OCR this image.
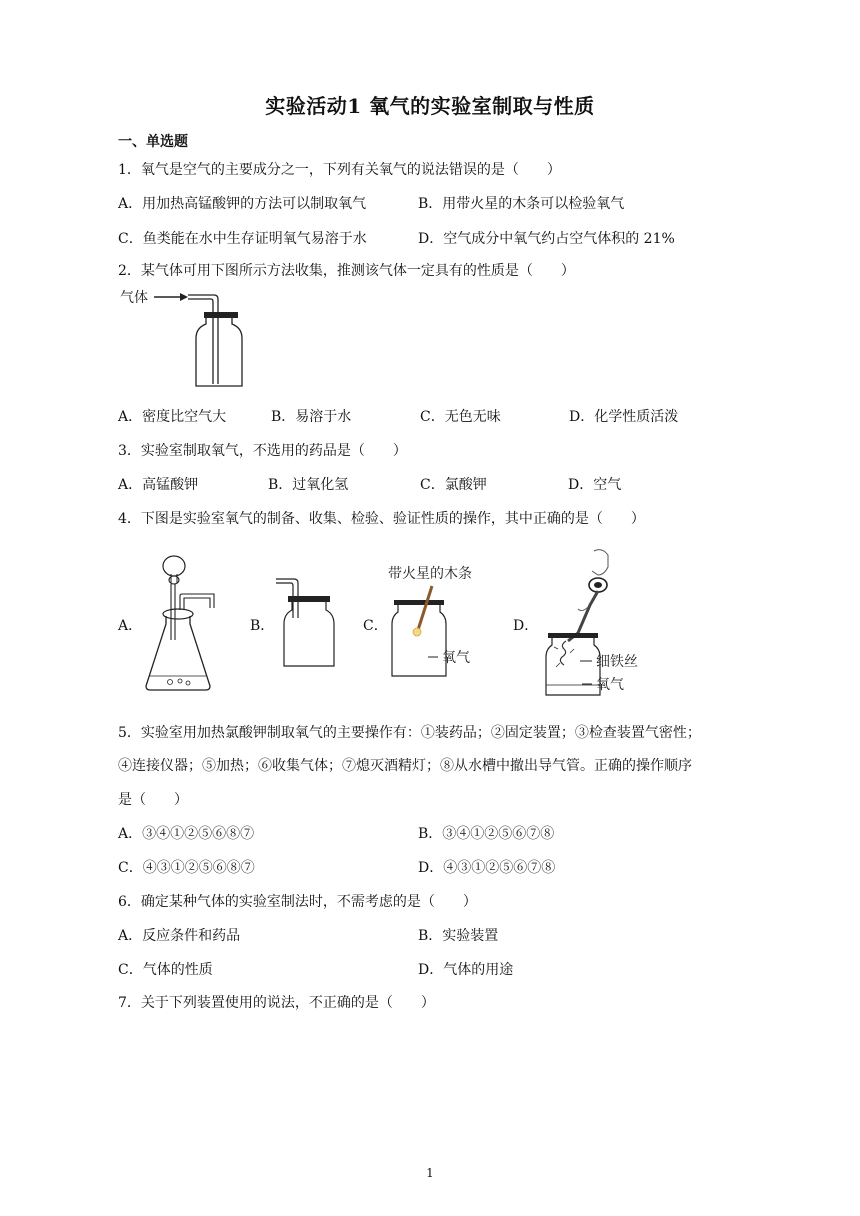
实验活动1 氧气的实验室制取与性质
一、单选题
1．氧气是空气的主要成分之一，下列有关氧气的说法错误的是（　　）
A．用加热高锰酸钾的方法可以制取氧气	B．用带火星的木条可以检验氧气
C．鱼类能在水中生存证明氧气易溶于水	D．空气成分中氧气约占空气体积的 21%
2．某气体可用下图所示方法收集，推测该气体一定具有的性质是（　　）
气体
A．密度比空气大	B．易溶于水	C．无色无味	D．化学性质活泼
3．实验室制取氧气，不选用的药品是（　　）
A．高锰酸钾	B．过氧化氢	C．氯酸钾	D．空气
4．下图是实验室氧气的制备、收集、检验、验证性质的操作，其中正确的是（　　）
A．	B．	C．
带火星的木条
氧气
D．
细铁丝
氧气
5．实验室用加热氯酸钾制取氧气的主要操作有：①装药品；②固定装置；③检查装置气密性；
④连接仪器；⑤加热；⑥收集气体；⑦熄灭酒精灯；⑧从水槽中撤出导气管。正确的操作顺序
是（　　）
A．③④①②⑤⑥⑧⑦	B．③④①②⑤⑥⑦⑧
C．④③①②⑤⑥⑧⑦	D．④③①②⑤⑥⑦⑧
6．确定某种气体的实验室制法时，不需考虑的是（　　）
A．反应条件和药品	B．实验装置
C．气体的性质	D．气体的用途
7．关于下列装置使用的说法，不正确的是（　　）
1
